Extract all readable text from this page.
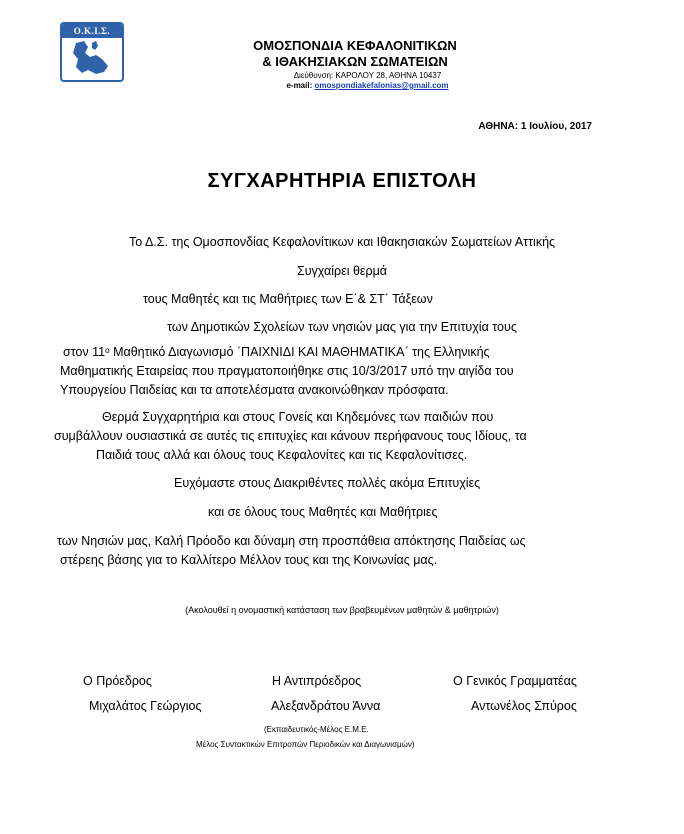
Ο.Κ.Ι.Σ.
ΟΜΟΣΠΟΝΔΙΑ ΚΕΦΑΛΟΝΙΤΙΚΩΝ
& ΙΘΑΚΗΣΙΑΚΩΝ ΣΩΜΑΤΕΙΩΝ
Διεύθυνση: ΚΑΡΟΛΟΥ 28, ΑΘΗΝΑ 10437
e-mail: omospondiakefalonias@gmail.com
ΑΘΗΝΑ: 1 Ιουλίου, 2017
ΣΥΓΧΑΡΗΤΗΡΙΑ ΕΠΙΣΤΟΛΗ
Το Δ.Σ. της Ομοσπονδίας Κεφαλονίτικων και Ιθακησιακών Σωματείων Αττικής
Συγχαίρει θερμά
τους Μαθητές και τις Μαθήτριες των Ε΄& ΣΤ΄ Τάξεων
των Δημοτικών Σχολείων των νησιών μας για την Επιτυχία τους
στον $11^o$ Μαθητικό Διαγωνισμό ΄ΠΑΙΧΝΙΔΙ ΚΑΙ ΜΑΘΗΜΑΤΙΚΑ΄ της Ελληνικής
Μαθηματικής Εταιρείας που πραγματοποιήθηκε στις 10/3/2017 υπό την αιγίδα του
Υπουργείου Παιδείας και τα αποτελέσματα ανακοινώθηκαν πρόσφατα.
Θερμά Συγχαρητήρια και στους Γονείς και Κηδεμόνες των παιδιών που
συμβάλλουν ουσιαστικά σε αυτές τις επιτυχίες και κάνουν περήφανους τους Ιδίους, τα
Παιδιά τους αλλά και όλους τους Κεφαλονίτες και τις Κεφαλονίτισες.
Ευχόμαστε στους Διακριθέντες πολλές ακόμα Επιτυχίες
και σε όλους τους Μαθητές και Μαθήτριες
των Νησιών μας, Καλή Πρόοδο και δύναμη στη προσπάθεια απόκτησης Παιδείας ως
στέρεης βάσης για το Καλλίτερο Μέλλον τους και της Κοινωνίας μας.
(Ακολουθεί η ονομαστική κατάσταση των βραβευμένων μαθητών & μαθητριών)
Ο Πρόεδρος
Μιχαλάτος Γεώργιος
Η Αντιπρόεδρος
Αλεξανδράτου Άννα
(Εκπαιδευτικός-Μέλος Ε.Μ.Ε.
Μέλος Συντακτικών Επιτροπών Περιοδικών και Διαγωνισμών)
Ο Γενικός Γραμματέας
Αντωνέλος Σπύρος
